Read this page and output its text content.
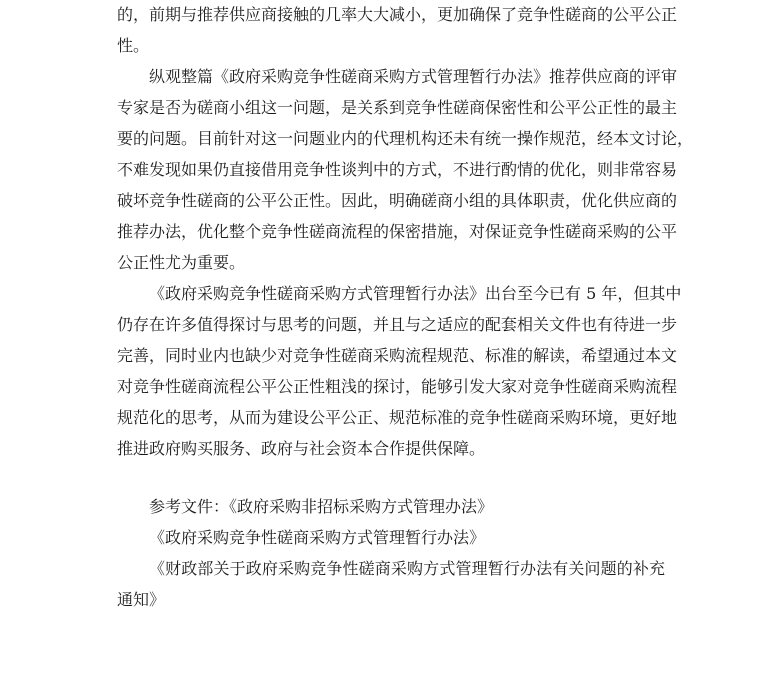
的，前期与推荐供应商接触的几率大大减小，更加确保了竞争性磋商的公平公正
性。
纵观整篇《政府采购竞争性磋商采购方式管理暂行办法》推荐供应商的评审
专家是否为磋商小组这一问题，是关系到竞争性磋商保密性和公平公正性的最主
要的问题。目前针对这一问题业内的代理机构还未有统一操作规范，经本文讨论，
不难发现如果仍直接借用竞争性谈判中的方式，不进行酌情的优化，则非常容易
破坏竞争性磋商的公平公正性。因此，明确磋商小组的具体职责，优化供应商的
推荐办法，优化整个竞争性磋商流程的保密措施，对保证竞争性磋商采购的公平
公正性尤为重要。
《政府采购竞争性磋商采购方式管理暂行办法》出台至今已有 5 年，但其中
仍存在许多值得探讨与思考的问题，并且与之适应的配套相关文件也有待进一步
完善，同时业内也缺少对竞争性磋商采购流程规范、标准的解读，希望通过本文
对竞争性磋商流程公平公正性粗浅的探讨，能够引发大家对竞争性磋商采购流程
规范化的思考，从而为建设公平公正、规范标准的竞争性磋商采购环境，更好地
推进政府购买服务、政府与社会资本合作提供保障。
参考文件：《政府采购非招标采购方式管理办法》
《政府采购竞争性磋商采购方式管理暂行办法》
《财政部关于政府采购竞争性磋商采购方式管理暂行办法有关问题的补充
通知》
